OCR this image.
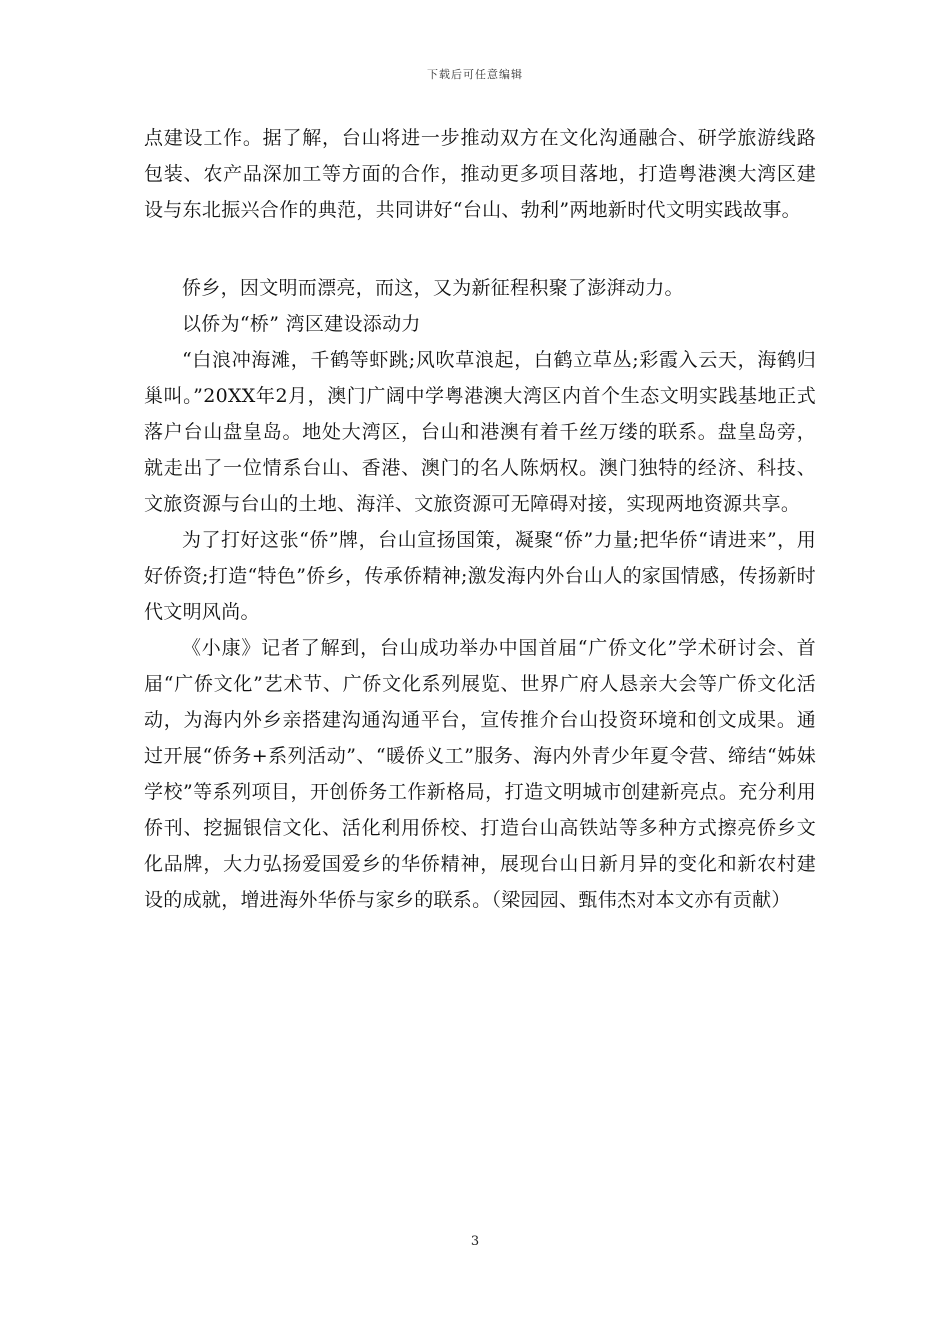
下载后可任意编辑

点建设工作。据了解，台山将进一步推动双方在文化沟通融合、研学旅游线路包装、农产品深加工等方面的合作，推动更多项目落地，打造粤港澳大湾区建设与东北振兴合作的典范，共同讲好“台山、勃利”两地新时代文明实践故事。

侨乡，因文明而漂亮，而这，又为新征程积聚了澎湃动力。

以侨为“桥” 湾区建设添动力

“白浪冲海滩，千鹤等虾跳;风吹草浪起，白鹤立草丛;彩霞入云天，海鹤归巢叫。”20XX年2月，澳门广阔中学粤港澳大湾区内首个生态文明实践基地正式落户台山盘皇岛。地处大湾区，台山和港澳有着千丝万缕的联系。盘皇岛旁，就走出了一位情系台山、香港、澳门的名人陈炳权。澳门独特的经济、科技、文旅资源与台山的土地、海洋、文旅资源可无障碍对接，实现两地资源共享。

为了打好这张“侨”牌，台山宣扬国策，凝聚“侨”力量;把华侨“请进来”，用好侨资;打造“特色”侨乡，传承侨精神;激发海内外台山人的家国情感，传扬新时代文明风尚。

《小康》记者了解到，台山成功举办中国首届“广侨文化”学术研讨会、首届“广侨文化”艺术节、广侨文化系列展览、世界广府人恳亲大会等广侨文化活动，为海内外乡亲搭建沟通沟通平台，宣传推介台山投资环境和创文成果。通过开展“侨务+系列活动”、“暖侨义工”服务、海内外青少年夏令营、缔结“姊妹学校”等系列项目，开创侨务工作新格局，打造文明城市创建新亮点。充分利用侨刊、挖掘银信文化、活化利用侨校、打造台山高铁站等多种方式擦亮侨乡文化品牌，大力弘扬爱国爱乡的华侨精神，展现台山日新月异的变化和新农村建设的成就，增进海外华侨与家乡的联系。（梁园园、甄伟杰对本文亦有贡献）

3
